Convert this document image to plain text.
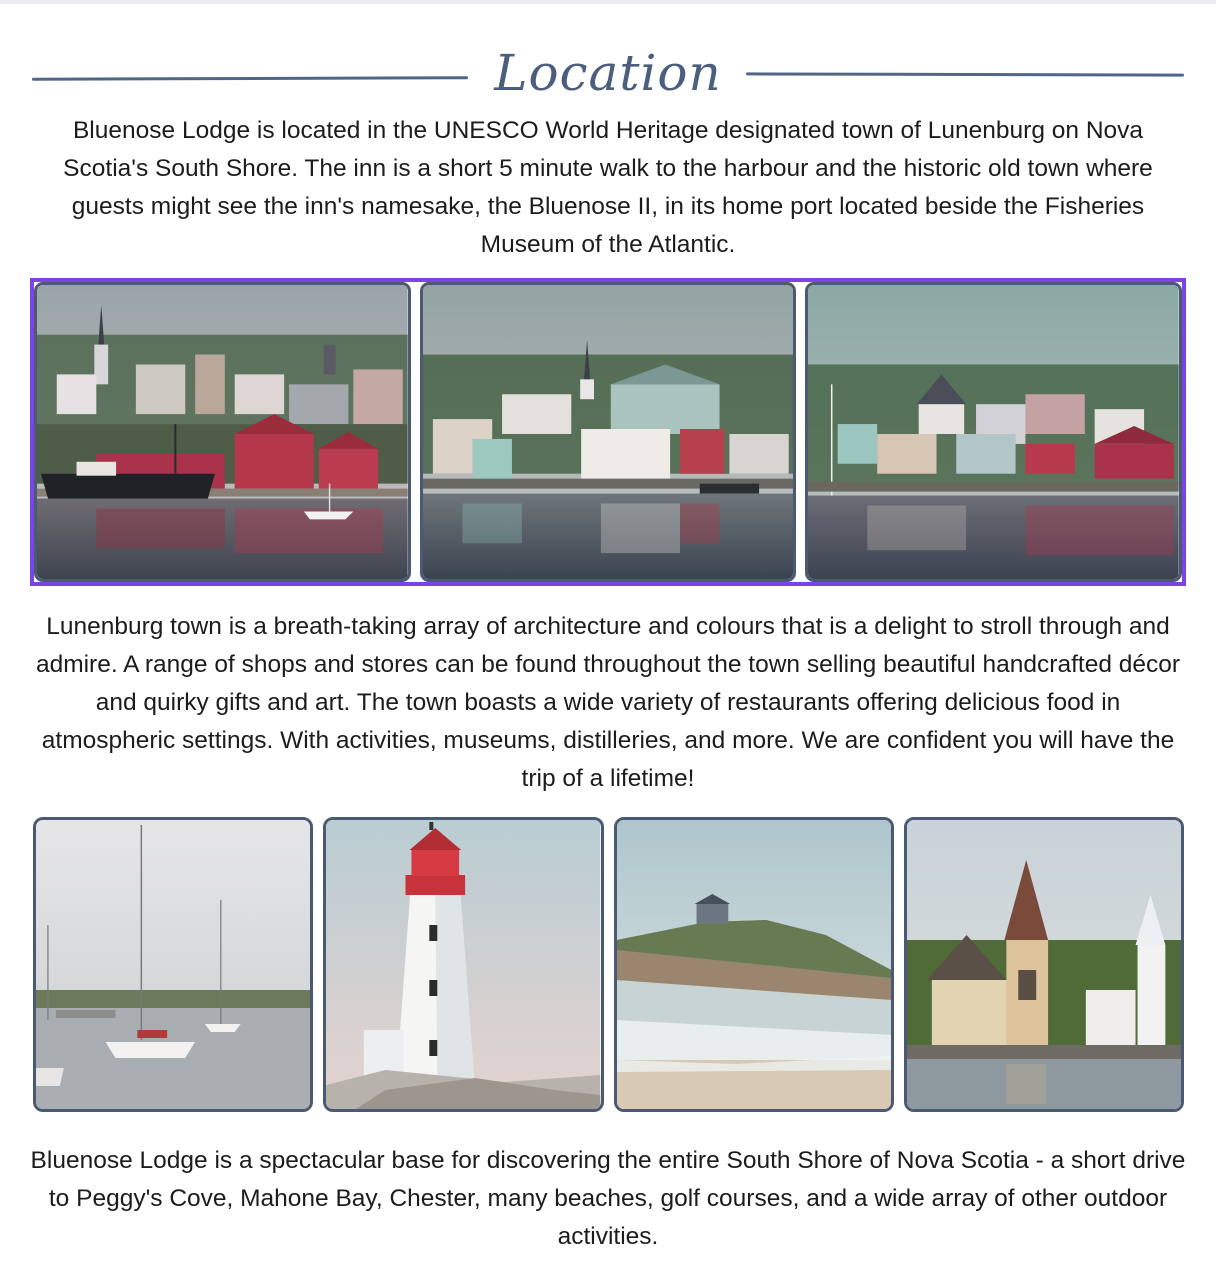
Location

Bluenose Lodge is located in the UNESCO World Heritage designated town of Lunenburg on Nova Scotia's South Shore. The inn is a short 5 minute walk to the harbour and the historic old town where guests might see the inn's namesake, the Bluenose II, in its home port located beside the Fisheries Museum of the Atlantic.

Lunenburg town is a breath-taking array of architecture and colours that is a delight to stroll through and admire. A range of shops and stores can be found throughout the town selling beautiful handcrafted décor and quirky gifts and art. The town boasts a wide variety of restaurants offering delicious food in atmospheric settings. With activities, museums, distilleries, and more. We are confident you will have the trip of a lifetime!

Bluenose Lodge is a spectacular base for discovering the entire South Shore of Nova Scotia - a short drive to Peggy's Cove, Mahone Bay, Chester, many beaches, golf courses, and a wide array of other outdoor activities.
